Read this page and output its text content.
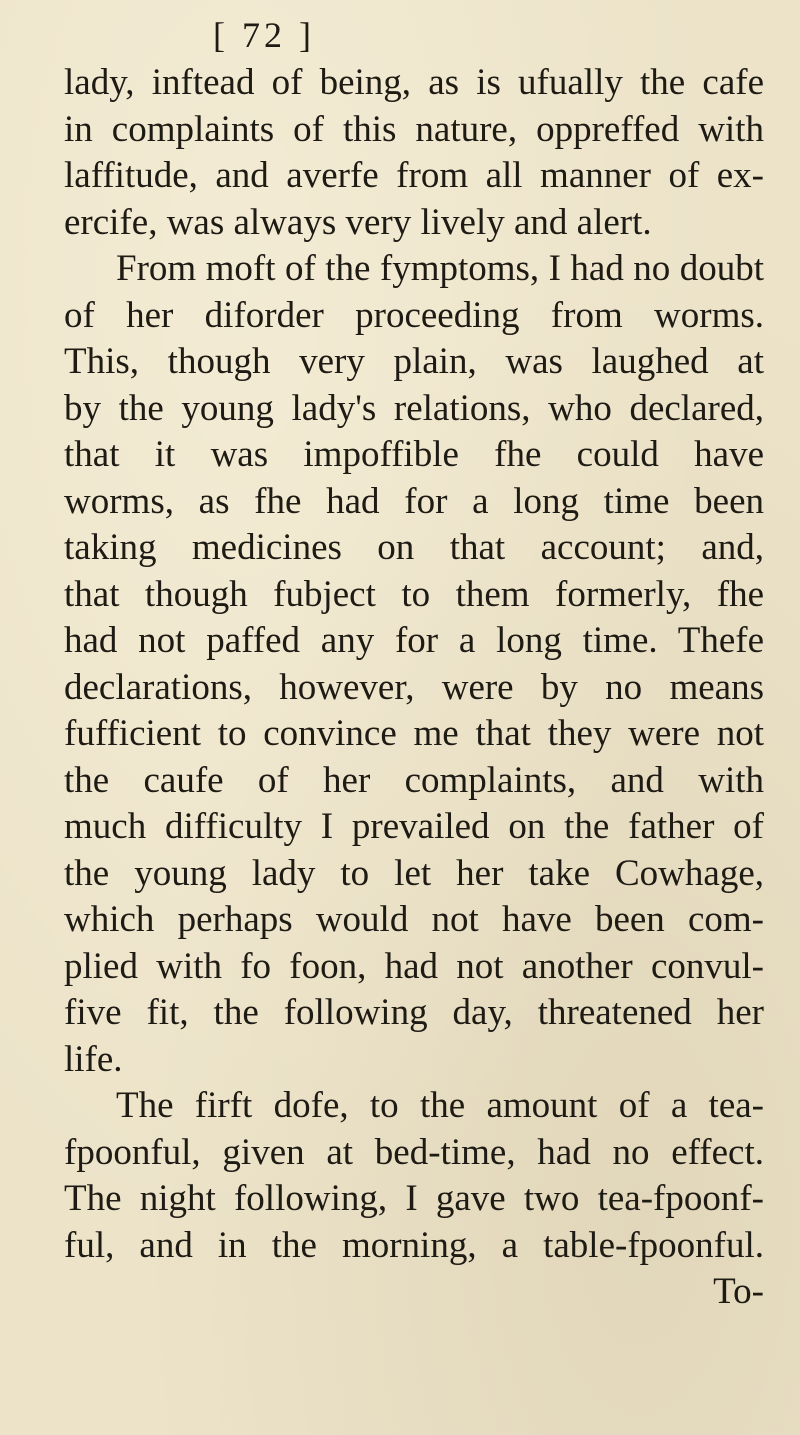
[ 72 ]
lady, inftead of being, as is ufually the cafe
in complaints of this nature, oppreffed with
laffitude, and averfe from all manner of ex-
ercife, was always very lively and alert.
From moft of the fymptoms, I had no doubt
of her diforder proceeding from worms.
This, though very plain, was laughed at
by the young lady's relations, who declared,
that it was impoffible fhe could have
worms, as fhe had for a long time been
taking medicines on that account; and,
that though fubject to them formerly, fhe
had not paffed any for a long time. Thefe
declarations, however, were by no means
fufficient to convince me that they were not
the caufe of her complaints, and with
much difficulty I prevailed on the father of
the young lady to let her take Cowhage,
which perhaps would not have been com-
plied with fo foon, had not another convul-
five fit, the following day, threatened her
life.
The firft dofe, to the amount of a tea-
fpoonful, given at bed-time, had no effect.
The night following, I gave two tea-fpoonf-
ful, and in the morning, a table-fpoonful.
To-
